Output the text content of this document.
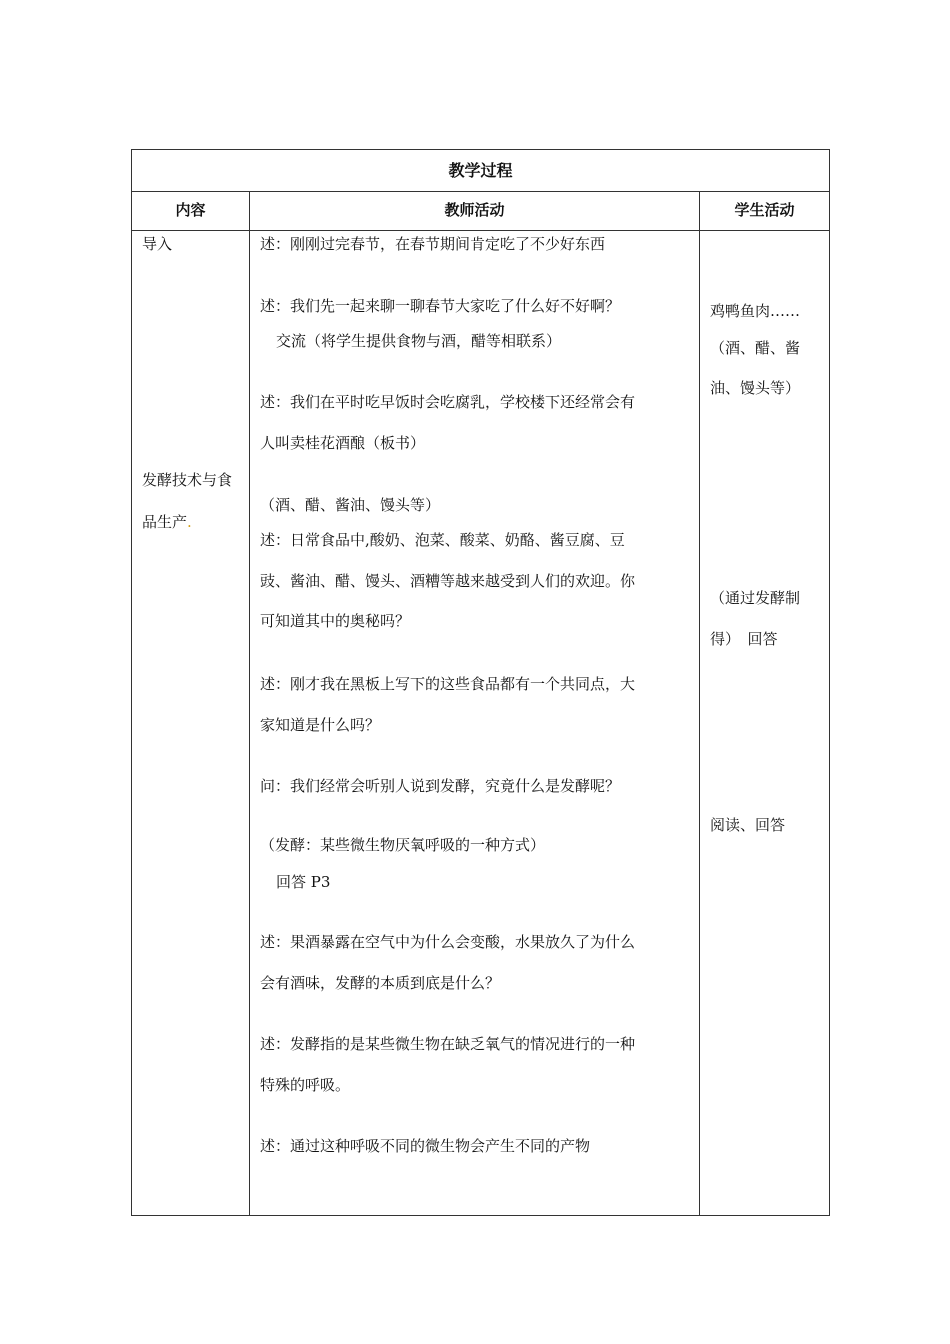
教学过程
内容	教师活动	学生活动
导入
发酵技术与食
品生产.
述：刚刚过完春节，在春节期间肯定吃了不少好东西
述：我们先一起来聊一聊春节大家吃了什么好不好啊？
交流（将学生提供食物与酒，醋等相联系）
述：我们在平时吃早饭时会吃腐乳，学校楼下还经常会有
人叫卖桂花酒酿（板书）
（酒、醋、酱油、馒头等）
述：日常食品中,酸奶、泡菜、酸菜、奶酪、酱豆腐、豆
豉、酱油、醋、馒头、酒糟等越来越受到人们的欢迎。你
可知道其中的奥秘吗？
述：刚才我在黑板上写下的这些食品都有一个共同点，大
家知道是什么吗？
问：我们经常会听别人说到发酵，究竟什么是发酵呢？
（发酵：某些微生物厌氧呼吸的一种方式）
回答 P3
述：果酒暴露在空气中为什么会变酸，水果放久了为什么
会有酒味，发酵的本质到底是什么？
述：发酵指的是某些微生物在缺乏氧气的情况进行的一种
特殊的呼吸。
述：通过这种呼吸不同的微生物会产生不同的产物
鸡鸭鱼肉……
（酒、醋、酱
油、馒头等）
（通过发酵制
得）　回答
阅读、回答
